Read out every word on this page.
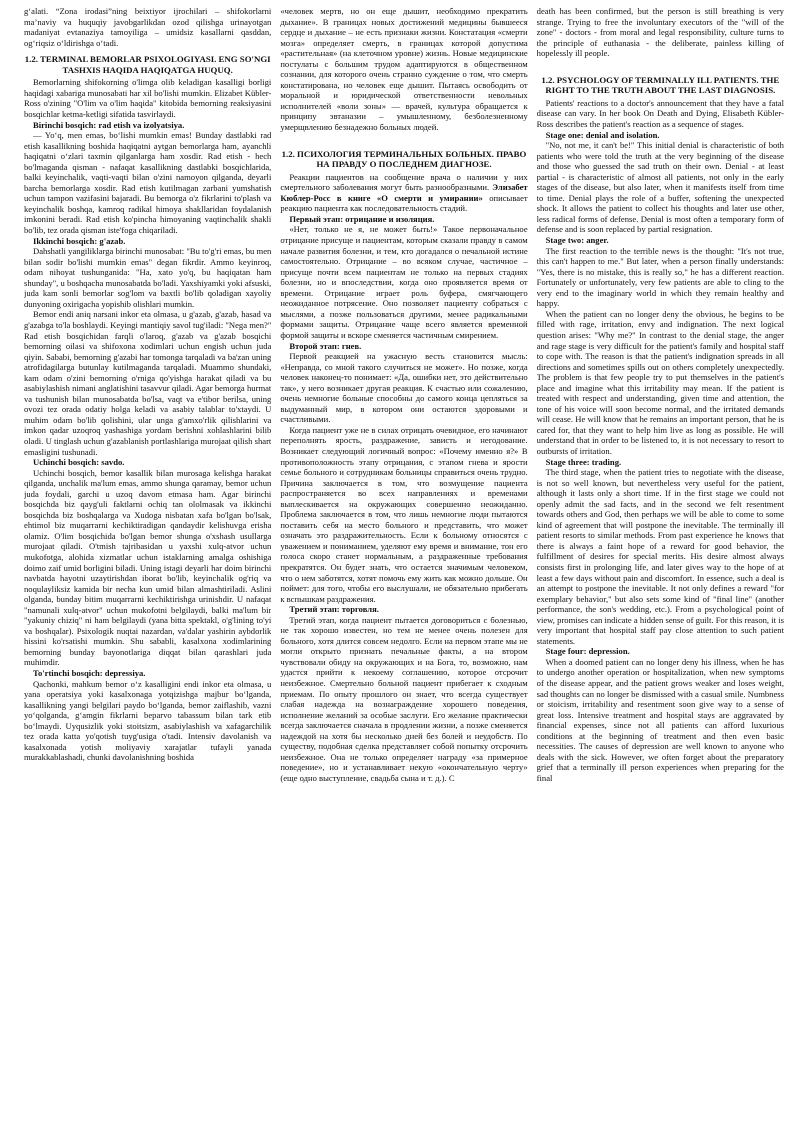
g‘alati. “Zona irodasi”ning beixtiyor ijrochilari – shifokorlarni ma’naviy va huquqiy javobgarlikdan ozod qilishga urinayotgan madaniyat evtanaziya tamoyiliga – umidsiz kasallarni qasddan, og‘riqsiz o‘ldirishga o‘tadi.

1.2. TERMINAL BEMORLAR PSIXOLOGIYASI. ENG SO'NGI TASHXIS HAQIDA HAQIQATGA HUQUQ.

Bemorlarning shifokorning o'limga olib keladigan kasalligi borligi haqidagi xabariga munosabati har xil bo'lishi mumkin. Elizabet Kübler-Ross o'zining "O'lim va o'lim haqida" kitobida bemorning reaksiyasini bosqichlar ketma-ketligi sifatida tasvirlaydi.

Birinchi bosqich: rad etish va izolyatsiya.

— Yo‘q, men emas, bo‘lishi mumkin emas! Bunday dastlabki rad etish kasallikning boshida haqiqatni aytgan bemorlarga ham, ayanchli haqiqatni o‘zlari taxmin qilganlarga ham xosdir. Rad etish - hech bo'lmaganda qisman - nafaqat kasallikning dastlabki bosqichlarida, balki keyinchalik, vaqti-vaqti bilan o'zini namoyon qilganda, deyarli barcha bemorlarga xosdir. Rad etish kutilmagan zarbani yumshatish uchun tampon vazifasini bajaradi. Bu bemorga o'z fikrlarini to'plash va keyinchalik boshqa, kamroq radikal himoya shakllaridan foydalanish imkonini beradi. Rad etish ko'pincha himoyaning vaqtinchalik shakli bo'lib, tez orada qisman iste'foga chiqariladi.

Ikkinchi bosqich: g'azab.

Dahshatli yangiliklarga birinchi munosabat: "Bu to'g'ri emas, bu men bilan sodir bo'lishi mumkin emas" degan fikrdir. Ammo keyinroq, odam nihoyat tushunganida: "Ha, xato yo'q, bu haqiqatan ham shunday", u boshqacha munosabatda bo'ladi. Yaxshiyamki yoki afsuski, juda kam sonli bemorlar sog'lom va baxtli bo'lib qoladigan xayoliy dunyoning oxirigacha yopishib olishlari mumkin.

Bemor endi aniq narsani inkor eta olmasa, u g'azab, g'azab, hasad va g'azabga to'la boshlaydi. Keyingi mantiqiy savol tug'iladi: "Nega men?" Rad etish bosqichidan farqli o'laroq, g'azab va g'azab bosqichi bemorning oilasi va shifoxona xodimlari uchun engish uchun juda qiyin. Sababi, bemorning g'azabi har tomonga tarqaladi va ba'zan uning atrofidagilarga butunlay kutilmaganda tarqaladi. Muammo shundaki, kam odam o'zini bemorning o'rniga qo'yishga harakat qiladi va bu asabiylashish nimani anglatishini tasavvur qiladi. Agar bemorga hurmat va tushunish bilan munosabatda bo'lsa, vaqt va e'tibor berilsa, uning ovozi tez orada odatiy holga keladi va asabiy talablar to'xtaydi. U muhim odam bo'lib qolishini, ular unga g'amxo'rlik qilishlarini va imkon qadar uzoqroq yashashiga yordam berishni xohlashlarini bilib oladi. U tinglash uchun g'azablanish portlashlariga murojaat qilish shart emasligini tushunadi.

Uchinchi bosqich: savdo.

Uchinchi bosqich, bemor kasallik bilan murosaga kelishga harakat qilganda, unchalik ma'lum emas, ammo shunga qaramay, bemor uchun juda foydali, garchi u uzoq davom etmasa ham. Agar birinchi bosqichda biz qayg'uli faktlarni ochiq tan ololmasak va ikkinchi bosqichda biz boshqalarga va Xudoga nisbatan xafa bo'lgan bo'lsak, ehtimol biz muqarrarni kechiktiradigan qandaydir kelishuvga erisha olamiz. O'lim bosqichida bo'lgan bemor shunga o'xshash usullarga murojaat qiladi. O'tmish tajribasidan u yaxshi xulq-atvor uchun mukofotga, alohida xizmatlar uchun istaklarning amalga oshishiga doimo zaif umid borligini biladi. Uning istagi deyarli har doim birinchi navbatda hayotni uzaytirishdan iborat bo'lib, keyinchalik og'riq va noqulayliksiz kamida bir necha kun umid bilan almashtiriladi. Aslini olganda, bunday bitim muqarrarni kechiktirishga urinishdir. U nafaqat "namunali xulq-atvor" uchun mukofotni belgilaydi, balki ma'lum bir "yakuniy chiziq" ni ham belgilaydi (yana bitta spektakl, o'g'lining to'yi va boshqalar). Psixologik nuqtai nazardan, va'dalar yashirin aybdorlik hissini ko'rsatishi mumkin. Shu sababli, kasalxona xodimlarining bemorning bunday bayonotlariga diqqat bilan qarashlari juda muhimdir.

To'rtinchi bosqich: depressiya.

Qachonki, mahkum bemor o‘z kasalligini endi inkor eta olmasa, u yana operatsiya yoki kasalxonaga yotqizishga majbur bo‘lganda, kasallikning yangi belgilari paydo bo‘lganda, bemor zaiflashib, vazni yo‘qolganda, g‘amgin fikrlarni beparvo tabassum bilan tark etib bo‘lmaydi. Uyqusizlik yoki stoitsizm, asabiylashish va xafagarchilik tez orada katta yo'qotish tuyg'usiga o'tadi. Intensiv davolanish va kasalxonada yotish moliyaviy xarajatlar tufayli yanada murakkablashadi, chunki davolanishning boshida

«человек мертв, но он еще дышит, необходимо прекратить дыхание». В границах новых достижений медицины бывшееся сердце и дыхание – не есть признаки жизни. Констатация «смерти мозга» определяет смерть, в границах которой допустима «растительная» (на клеточном уровне) жизнь. Новые медицинские постулаты с большим трудом адаптируются в общественном сознании, для которого очень странно суждение о том, что смерть констатирована, но человек еще дышит. Пытаясь освободить от моральной и юридической ответственности невольных исполнителей «воли зоны» — врачей, культура обращается к принципу эвтаназии – умышленному, безболезненному умерщвлению безнадежно больных людей.

1.2. ПСИХОЛОГИЯ ТЕРМИНАЛЬНЫХ БОЛЬНЫХ. ПРАВО НА ПРАВДУ О ПОСЛЕДНЕМ ДИАГНОЗЕ.

Реакции пациентов на сообщение врача о наличии у них смертельного заболевания могут быть разнообразными. Элизабет Кюблер-Росс в книге «О смерти и умирании» описывает реакцию пациента как последовательность стадий.

Первый этап: отрицание и изоляция.

«Нет, только не я, не может быть!» Такое первоначальное отрицание присуще и пациентам, которым сказали правду в самом начале развития болезни, и тем, кто догадался о печальной истине самостоятельно. Отрицание – во всяком случае, частичное – присуще почти всем пациентам не только на первых стадиях болезни, но и впоследствии, когда оно проявляется время от времени. Отрицание играет роль буфера, смягчающего неожиданное потрясение. Оно позволяет пациенту собраться с мыслями, а позже пользоваться другими, менее радикальными формами защиты. Отрицание чаще всего является временной формой защиты и вскоре сменяется частичным смирением.

Второй этап: гнев.

Первой реакцией на ужасную весть становится мысль: «Неправда, со мной такого случиться не может». Но позже, когда человек наконец-то понимает: «Да, ошибки нет, это действительно так», у него возникает другая реакция. К счастью или сожалению, очень немногие больные способны до самого конца цепляться за выдуманный мир, в котором они остаются здоровыми и счастливыми.

Когда пациент уже не в силах отрицать очевидное, его начинают переполнять ярость, раздражение, зависть и негодование. Возникает следующий логичный вопрос: «Почему именно я?» В противоположность этапу отрицания, с этапом гнева и ярости семье больного и сотрудникам больницы справиться очень трудно. Причина заключается в том, что возмущение пациента распространяется во всех направлениях и временами выплескивается на окружающих совершенно неожиданно. Проблема заключается в том, что лишь немногие люди пытаются поставить себя на место больного и представить, что может означать это раздражительность. Если к больному относятся с уважением и пониманием, уделяют ему время и внимание, тон его голоса скоро станет нормальным, а раздраженные требования прекратятся. Он будет знать, что остается значимым человеком, что о нем заботятся, хотят помочь ему жить как можно дольше. Он поймет: для того, чтобы его выслушали, не обязательно прибегать к вспышкам раздражения.

Третий этап: торговля.

Третий этап, когда пациент пытается договориться с болезнью, не так хорошо известен, но тем не менее очень полезен для больного, хотя длится совсем недолго. Если на первом этапе мы не могли открыто признать печальные факты, а на втором чувствовали обиду на окружающих и на Бога, то, возможно, нам удастся прийти к некоему соглашению, которое отсрочит неизбежное. Смертельно больной пациент прибегает к сходным приемам. По опыту прошлого он знает, что всегда существует слабая надежда на вознаграждение хорошего поведения, исполнение желаний за особые заслуги. Его желание практически всегда заключается сначала в продлении жизни, а позже сменяется надеждой на хотя бы несколько дней без болей и неудобств. По существу, подобная сделка представляет собой попытку отсрочить неизбежное. Она не только определяет награду «за примерное поведение», но и устанавливает некую «окончательную черту» (еще одно выступление, свадьба сына и т. д.). С

death has been confirmed, but the person is still breathing is very strange. Trying to free the involuntary executors of the "will of the zone" - doctors - from moral and legal responsibility, culture turns to the principle of euthanasia - the deliberate, painless killing of hopelessly ill people.

1.2. PSYCHOLOGY OF TERMINALLY ILL PATIENTS. THE RIGHT TO THE TRUTH ABOUT THE LAST DIAGNOSIS.

Patients' reactions to a doctor's announcement that they have a fatal disease can vary. In her book On Death and Dying, Elisabeth Kübler-Ross describes the patient's reaction as a sequence of stages.

Stage one: denial and isolation.

"No, not me, it can't be!" This initial denial is characteristic of both patients who were told the truth at the very beginning of the disease and those who guessed the sad truth on their own. Denial - at least partial - is characteristic of almost all patients, not only in the early stages of the disease, but also later, when it manifests itself from time to time. Denial plays the role of a buffer, softening the unexpected shock. It allows the patient to collect his thoughts and later use other, less radical forms of defense. Denial is most often a temporary form of defense and is soon replaced by partial resignation.

Stage two: anger.

The first reaction to the terrible news is the thought: "It's not true, this can't happen to me." But later, when a person finally understands: "Yes, there is no mistake, this is really so," he has a different reaction. Fortunately or unfortunately, very few patients are able to cling to the very end to the imaginary world in which they remain healthy and happy.

When the patient can no longer deny the obvious, he begins to be filled with rage, irritation, envy and indignation. The next logical question arises: "Why me?" In contrast to the denial stage, the anger and rage stage is very difficult for the patient's family and hospital staff to cope with. The reason is that the patient's indignation spreads in all directions and sometimes spills out on others completely unexpectedly. The problem is that few people try to put themselves in the patient's place and imagine what this irritability may mean. If the patient is treated with respect and understanding, given time and attention, the tone of his voice will soon become normal, and the irritated demands will cease. He will know that he remains an important person, that he is cared for, that they want to help him live as long as possible. He will understand that in order to be listened to, it is not necessary to resort to outbursts of irritation.

Stage three: trading.

The third stage, when the patient tries to negotiate with the disease, is not so well known, but nevertheless very useful for the patient, although it lasts only a short time. If in the first stage we could not openly admit the sad facts, and in the second we felt resentment towards others and God, then perhaps we will be able to come to some kind of agreement that will postpone the inevitable. The terminally ill patient resorts to similar methods. From past experience he knows that there is always a faint hope of a reward for good behavior, the fulfillment of desires for special merits. His desire almost always consists first in prolonging life, and later gives way to the hope of at least a few days without pain and discomfort. In essence, such a deal is an attempt to postpone the inevitable. It not only defines a reward "for exemplary behavior," but also sets some kind of "final line" (another performance, the son's wedding, etc.). From a psychological point of view, promises can indicate a hidden sense of guilt. For this reason, it is very important that hospital staff pay close attention to such patient statements.

Stage four: depression.

When a doomed patient can no longer deny his illness, when he has to undergo another operation or hospitalization, when new symptoms of the disease appear, and the patient grows weaker and loses weight, sad thoughts can no longer be dismissed with a casual smile. Numbness or stoicism, irritability and resentment soon give way to a sense of great loss. Intensive treatment and hospital stays are aggravated by financial expenses, since not all patients can afford luxurious conditions at the beginning of treatment and then even basic necessities. The causes of depression are well known to anyone who deals with the sick. However, we often forget about the preparatory grief that a terminally ill person experiences when preparing for the final
